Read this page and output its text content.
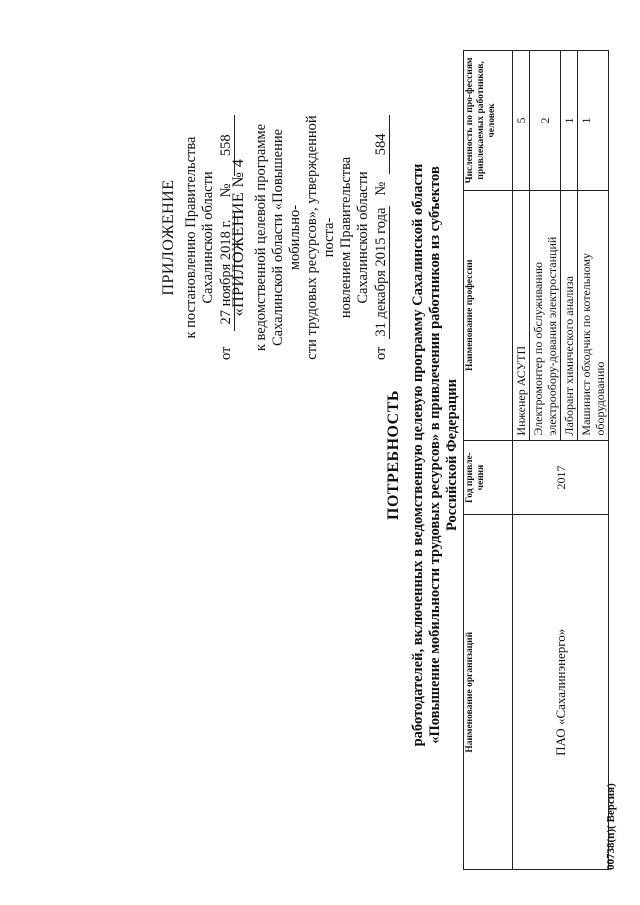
ПРИЛОЖЕНИЕ к постановлению Правительства Сахалинской области
от
27 ноября 2018 г.
№
558
«ПРИЛОЖЕНИЕ № 4 к ведомственной целевой программе Сахалинской области «Повышение мобильно- сти трудовых ресурсов», утвержденной поста- новлением Правительства Сахалинской области
от
31 декабря 2015 года
№
584
ПОТРЕБНОСТЬ работодателей, включенных в ведомственную целевую программу Сахалинской области «Повышение мобильности трудовых ресурсов» в привлечении работников из субъектов Российской Федерации
Наименование организаций	Год привле-чения	Наименование профессии	Численность по про-фессиям привлекаемых работников, человек
ПАО «Сахалинэнерго»	2017	Инженер АСУТП	5
		Электромонтер по обслуживанию электрообору-дования электростанций	2
		Лаборант химического анализа	1
		Машинист обходчик по котельному оборудованию	1
00738(п)( Версия)
